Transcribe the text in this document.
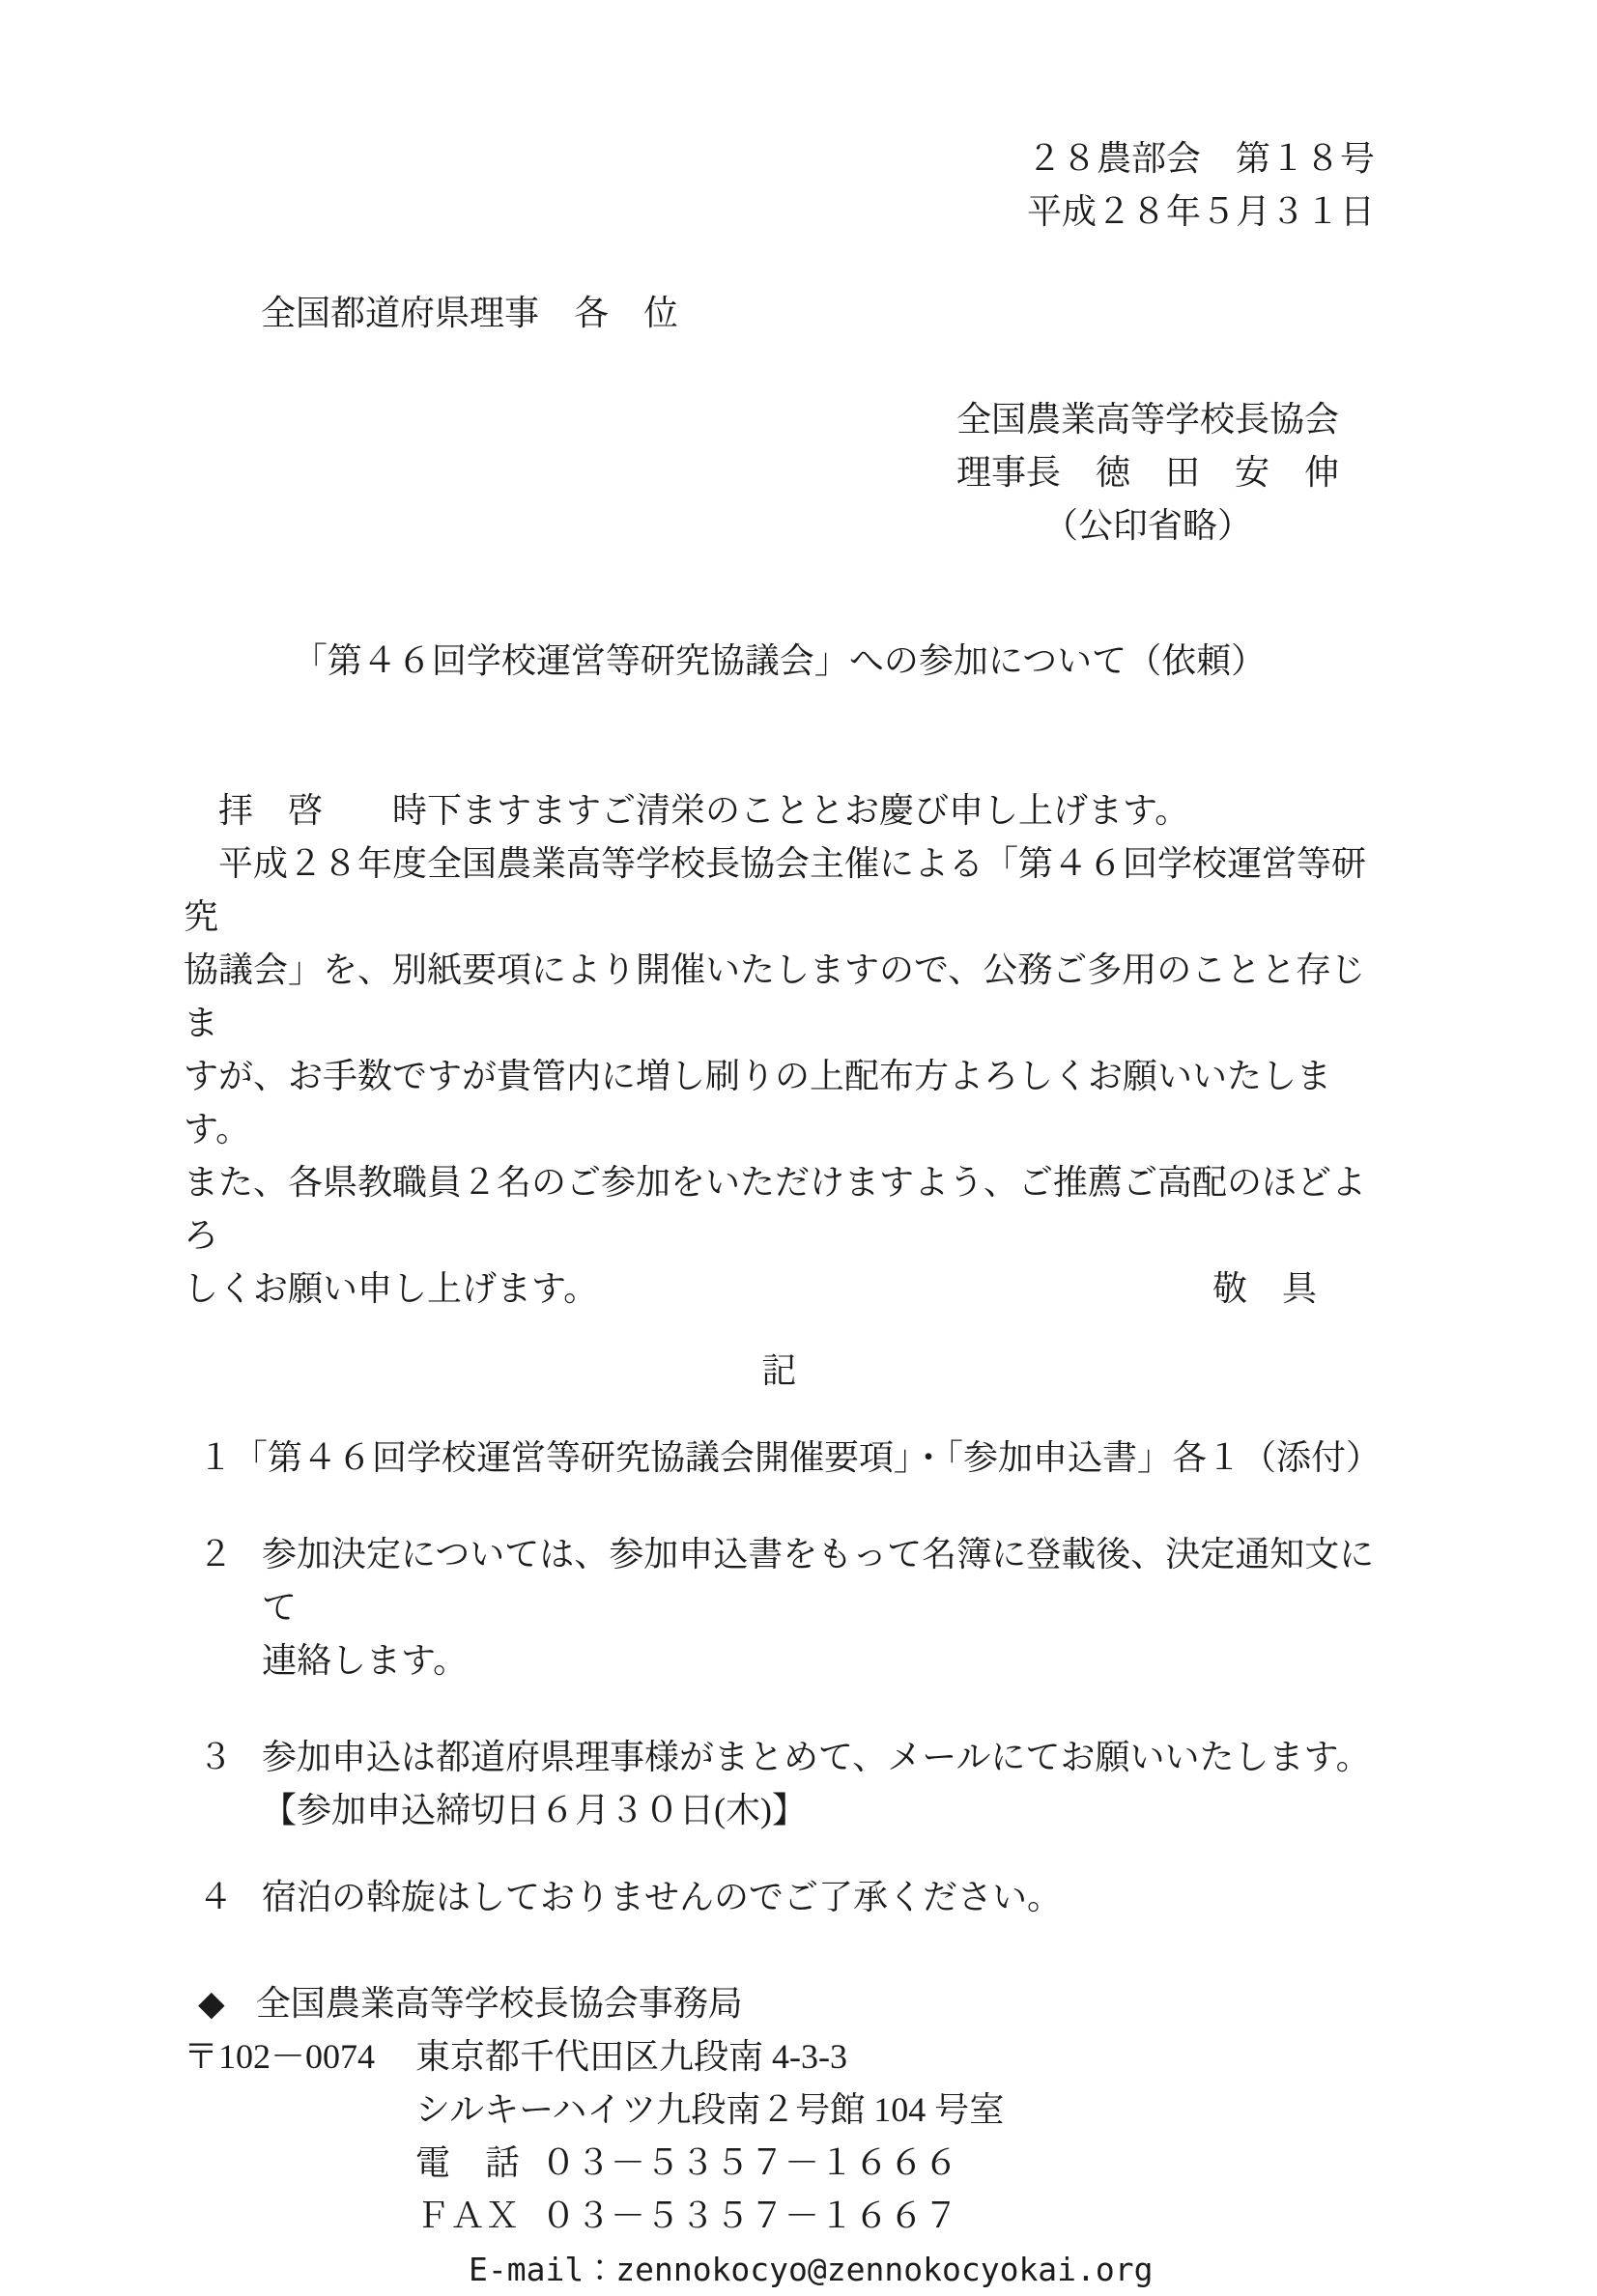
２８農部会　第１８号
平成２８年５月３１日
全国都道府県理事　各　位
全国農業高等学校長協会
理事長　徳　田　安　伸
（公印省略）
「第４６回学校運営等研究協議会」への参加について（依頼）
　拝　啓　　時下ますますご清栄のこととお慶び申し上げます。
　平成２８年度全国農業高等学校長協会主催による「第４６回学校運営等研究
協議会」を、別紙要項により開催いたしますので、公務ご多用のことと存じま
すが、お手数ですが貴管内に増し刷りの上配布方よろしくお願いいたします。
また、各県教職員２名のご参加をいただけますよう、ご推薦ご高配のほどよろ
しくお願い申し上げます。	敬　具
記
１ 「第４６回学校運営等研究協議会開催要項」・「参加申込書」各１（添付）
２ 参加決定については、参加申込書をもって名簿に登載後、決定通知文にて
連絡します。
３ 参加申込は都道府県理事様がまとめて、メールにてお願いいたします。
【参加申込締切日６月３０日(木)】
４ 宿泊の斡旋はしておりませんのでご了承ください。
◆ 全国農業高等学校長協会事務局
〒102－0074	東京都千代田区九段南 4-3-3
シルキーハイツ九段南２号館 104 号室
電　話 ０３－５３５７－１６６６
ＦＡＸ ０３－５３５７－１６６７
E-mail：zennokocyo@zennokocyokai.org
